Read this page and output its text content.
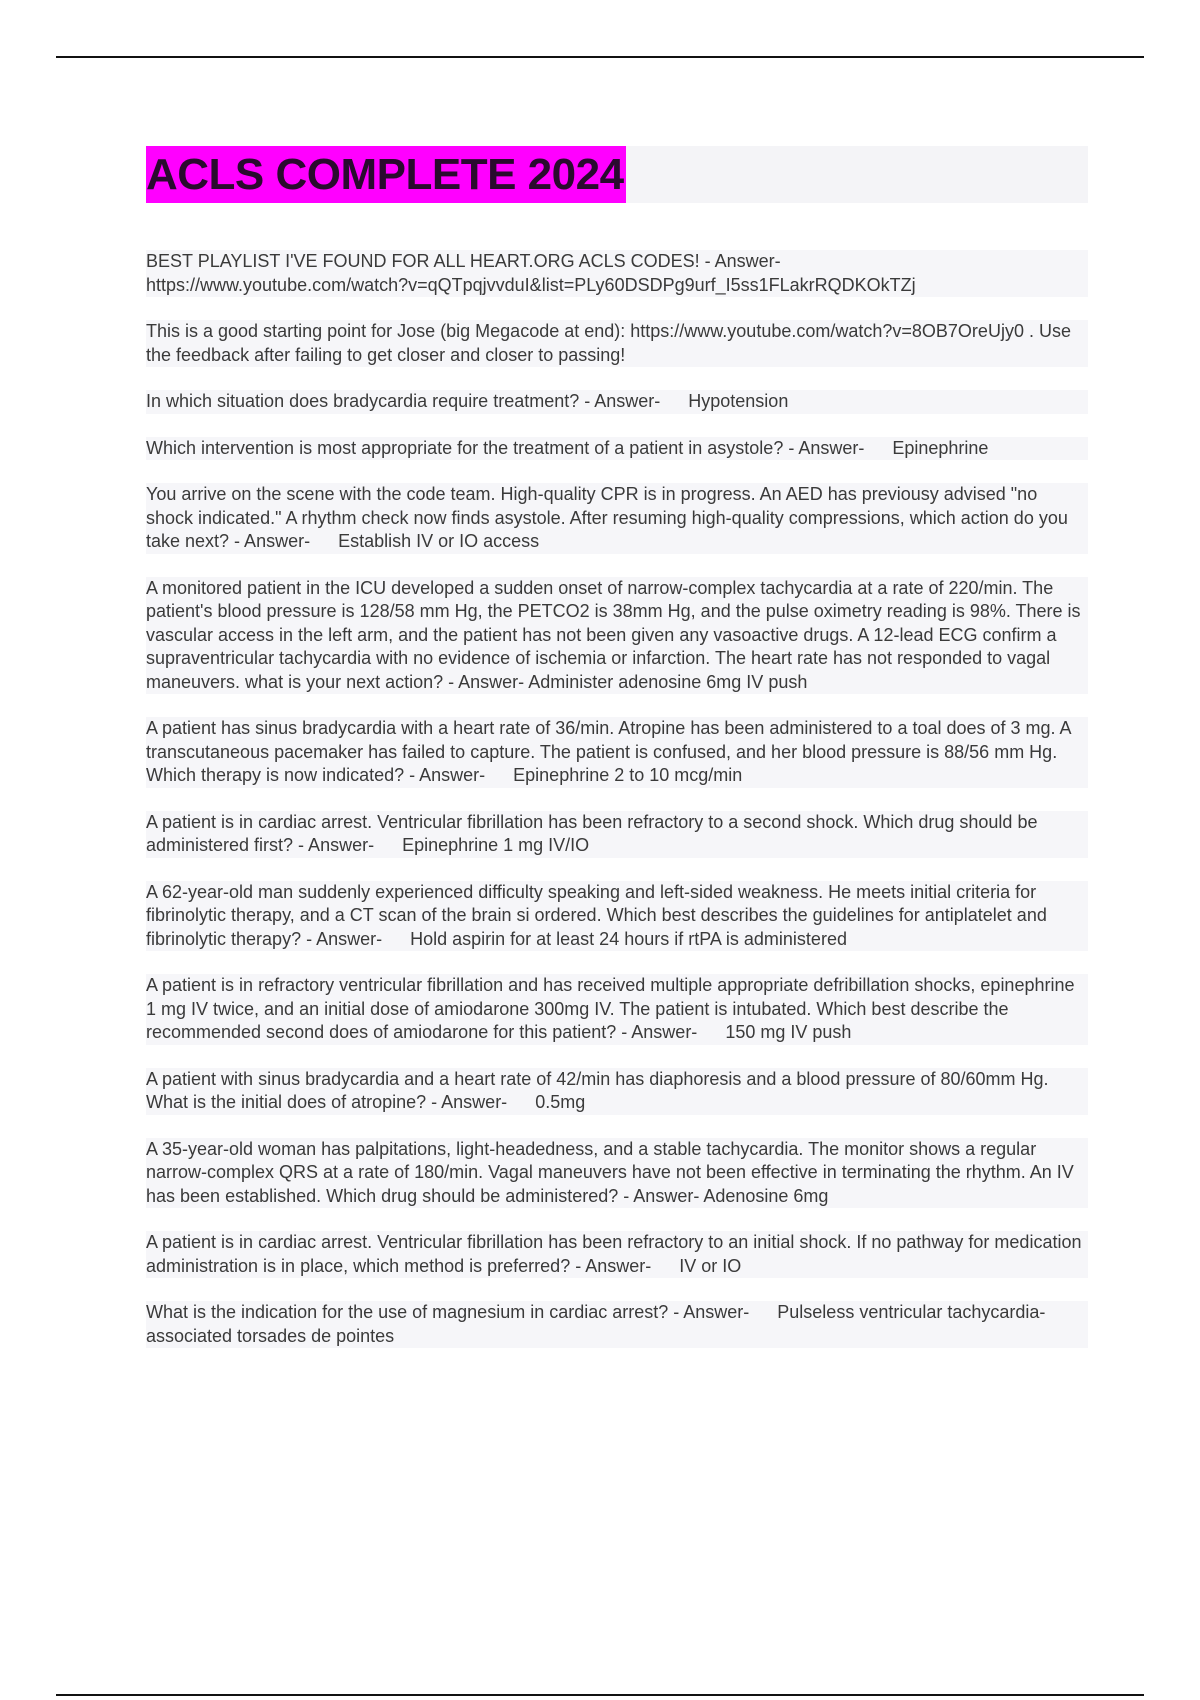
ACLS COMPLETE 2024

BEST PLAYLIST I'VE FOUND FOR ALL HEART.ORG ACLS CODES! - Answer-
https://www.youtube.com/watch?v=qQTpqjvvduI&list=PLy60DSDPg9urf_I5ss1FLakrRQDKOkTZj

This is a good starting point for Jose (big Megacode at end): https://www.youtube.com/watch?v=8OB7OreUjy0 . Use the feedback after failing to get closer and closer to passing!

In which situation does bradycardia require treatment? - Answer- Hypotension

Which intervention is most appropriate for the treatment of a patient in asystole? - Answer- Epinephrine

You arrive on the scene with the code team. High-quality CPR is in progress. An AED has previousy advised "no shock indicated." A rhythm check now finds asystole. After resuming high-quality compressions, which action do you take next? - Answer- Establish IV or IO access

A monitored patient in the ICU developed a sudden onset of narrow-complex tachycardia at a rate of 220/min. The patient's blood pressure is 128/58 mm Hg, the PETCO2 is 38mm Hg, and the pulse oximetry reading is 98%. There is vascular access in the left arm, and the patient has not been given any vasoactive drugs. A 12-lead ECG confirm a supraventricular tachycardia with no evidence of ischemia or infarction. The heart rate has not responded to vagal maneuvers. what is your next action? - Answer- Administer adenosine 6mg IV push

A patient has sinus bradycardia with a heart rate of 36/min. Atropine has been administered to a toal does of 3 mg. A transcutaneous pacemaker has failed to capture. The patient is confused, and her blood pressure is 88/56 mm Hg. Which therapy is now indicated? - Answer- Epinephrine 2 to 10 mcg/min

A patient is in cardiac arrest. Ventricular fibrillation has been refractory to a second shock. Which drug should be administered first? - Answer- Epinephrine 1 mg IV/IO

A 62-year-old man suddenly experienced difficulty speaking and left-sided weakness. He meets initial criteria for fibrinolytic therapy, and a CT scan of the brain si ordered. Which best describes the guidelines for antiplatelet and fibrinolytic therapy? - Answer- Hold aspirin for at least 24 hours if rtPA is administered

A patient is in refractory ventricular fibrillation and has received multiple appropriate defribillation shocks, epinephrine 1 mg IV twice, and an initial dose of amiodarone 300mg IV. The patient is intubated. Which best describe the recommended second does of amiodarone for this patient? - Answer- 150 mg IV push

A patient with sinus bradycardia and a heart rate of 42/min has diaphoresis and a blood pressure of 80/60mm Hg. What is the initial does of atropine? - Answer- 0.5mg

A 35-year-old woman has palpitations, light-headedness, and a stable tachycardia. The monitor shows a regular narrow-complex QRS at a rate of 180/min. Vagal maneuvers have not been effective in terminating the rhythm. An IV has been established. Which drug should be administered? - Answer- Adenosine 6mg

A patient is in cardiac arrest. Ventricular fibrillation has been refractory to an initial shock. If no pathway for medication administration is in place, which method is preferred? - Answer- IV or IO

What is the indication for the use of magnesium in cardiac arrest? - Answer- Pulseless ventricular tachycardia-associated torsades de pointes
